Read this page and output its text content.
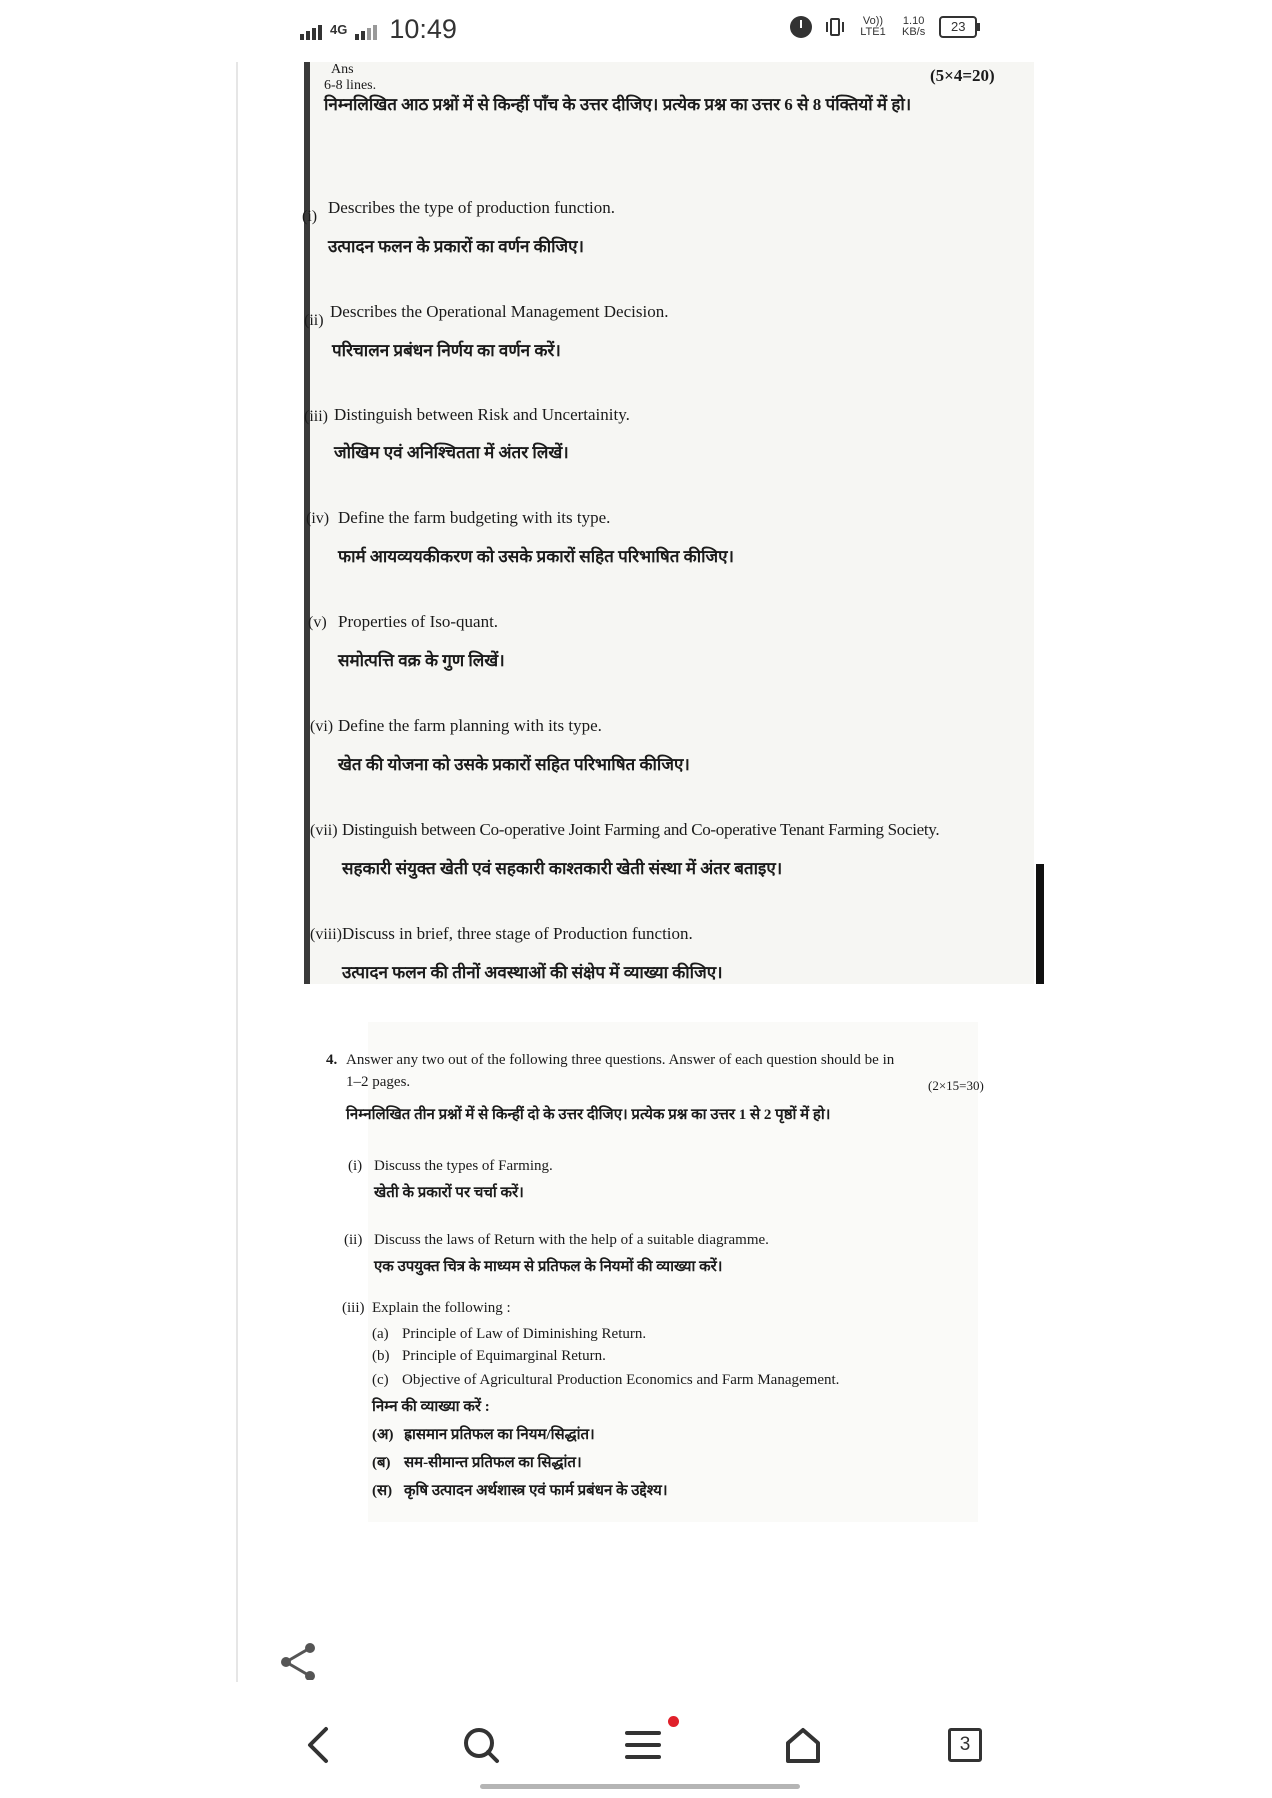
4G 10:49	Vo)) LTE1
1.10
KB/s	23
Ans
6-8 lines.
(5×4=20)
निम्नलिखित आठ प्रश्नों में से किन्हीं पाँच के उत्तर दीजिए। प्रत्येक प्रश्न का उत्तर 6 से 8 पंक्तियों में हो।
(i) Describes the type of production function.
उत्पादन फलन के प्रकारों का वर्णन कीजिए।
(ii) Describes the Operational Management Decision.
परिचालन प्रबंधन निर्णय का वर्णन करें।
(iii) Distinguish between Risk and Uncertainity.
जोखिम एवं अनिश्चितता में अंतर लिखें।
(iv) Define the farm budgeting with its type.
फार्म आयव्ययकीकरण को उसके प्रकारों सहित परिभाषित कीजिए।
(v) Properties of Iso-quant.
समोत्पत्ति वक्र के गुण लिखें।
(vi) Define the farm planning with its type.
खेत की योजना को उसके प्रकारों सहित परिभाषित कीजिए।
(vii) Distinguish between Co-operative Joint Farming and Co-operative Tenant Farming Society.
सहकारी संयुक्त खेती एवं सहकारी काश्तकारी खेती संस्था में अंतर बताइए।
(viii) Discuss in brief, three stage of Production function.
उत्पादन फलन की तीनों अवस्थाओं की संक्षेप में व्याख्या कीजिए।
4. Answer any two out of the following three questions. Answer of each question should be in
1–2 pages.	(2×15=30)
निम्नलिखित तीन प्रश्नों में से किन्हीं दो के उत्तर दीजिए। प्रत्येक प्रश्न का उत्तर 1 से 2 पृष्ठों में हो।
(i) Discuss the types of Farming.
खेती के प्रकारों पर चर्चा करें।
(ii) Discuss the laws of Return with the help of a suitable diagramme.
एक उपयुक्त चित्र के माध्यम से प्रतिफल के नियमों की व्याख्या करें।
(iii) Explain the following :
(a) Principle of Law of Diminishing Return.
(b) Principle of Equimarginal Return.
(c) Objective of Agricultural Production Economics and Farm Management.
निम्न की व्याख्या करें :
(अ) ह्रासमान प्रतिफल का नियम/सिद्धांत।
(ब) सम-सीमान्त प्रतिफल का सिद्धांत।
(स) कृषि उत्पादन अर्थशास्त्र एवं फार्म प्रबंधन के उद्देश्य।
3
